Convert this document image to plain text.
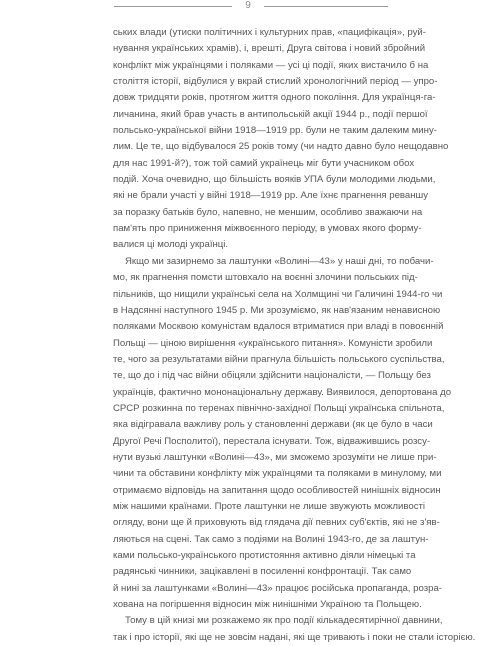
9
ських влади (утиски політичних і культурних прав, «пацифікація», руй-
нування українських храмів), і, врешті, Друга світова і новий збройний
конфлікт між українцями і поляками — усі ці події, яких вистачило б на
століття історії, відбулися у вкрай стислий хронологічний період — упро-
довж тридцяти років, протягом життя одного покоління. Для українця-га-
личанина, який брав участь в антипольській акції 1944 р., події першої
польсько-української війни 1918—1919 рр. були не таким далеким мину-
лим. Це те, що відбувалося 25 років тому (чи надто давно було нещодавно
для нас 1991-й?), тож той самий українець міг бути учасником обох
подій. Хоча очевидно, що більшість вояків УПА були молодими людьми,
які не брали участі у війні 1918—1919 рр. Але їхнє прагнення реваншу
за поразку батьків було, напевно, не меншим, особливо зважаючи на
пам'ять про приниження міжвоєнного періоду, в умовах якого форму-
валися ці молоді українці.
Якщо ми зазирнемо за лаштунки «Волині—43» у наші дні, то побачи-
мо, як прагнення помсти штовхало на воєнні злочини польських під-
пільників, що нищили українські села на Холмщині чи Галичині 1944-го чи
в Надсянні наступного 1945 р. Ми зрозуміємо, як нав'язаним ненависною
поляками Москвою комуністам вдалося втриматися при владі в повоєнній
Польщі — ціною вирішення «українського питання». Комуністи зробили
те, чого за результатами війни прагнула більшість польського суспільства,
те, що до і під час війни обіцяли здійснити націоналісти, — Польщу без
українців, фактично мононаціональну державу. Виявилося, депортована до
СРСР розкинна по теренах північно-західної Польщі українська спільнота,
яка відігравала важливу роль у становленні держави (як це було в часи
Другої Речі Посполитої), перестала існувати. Тож, відважившись розсу-
нути вузькі лаштунки «Волині—43», ми зможемо зрозуміти не лише при-
чини та обставини конфлікту між українцями та поляками в минулому, ми
отримаємо відповідь на запитання щодо особливостей нинішніх відносин
між нашими країнами. Проте лаштунки не лише звужують можливості
огляду, вони ще й приховують від глядача дії певних суб'єктів, які не з'яв-
ляються на сцені. Так само з подіями на Волині 1943-го, де за лаштун-
ками польсько-українського протистояння активно діяли німецькі та
радянські чинники, зацікавлені в посиленні конфронтації. Так само
й нині за лаштунками «Волині—43» працює російська пропаганда, розра-
хована на погіршення відносин між нинішніми Україною та Польщею.
Тому в цій книзі ми розкажемо як про події кількадесятирічної давнини,
так і про історії, які ще не зовсім надані, які ще тривають і поки не стали історією.
